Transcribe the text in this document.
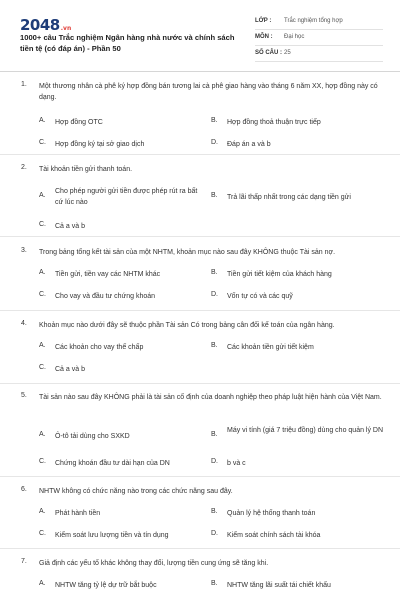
2048 .vn
1000+ câu Trắc nghiệm Ngân hàng nhà nước và chính sách tiền tệ (có đáp án) - Phần 50
LỚP : Trắc nghiệm tổng hợp
MÔN : Đại học
SỐ CÂU : 25
1. Một thương nhân cà phê ký hợp đồng bán tương lai cà phê giao hàng vào tháng 6 năm XX, hợp đồng này có dạng.
A. Hợp đồng OTC	B. Hợp đồng thoả thuận trực tiếp
C. Hợp đồng ký tại sở giao dịch	D. Đáp án a và b
2. Tài khoản tiền gửi thanh toán.
A.
Cho phép người gửi tiền được phép rút ra bất cứ lúc nào
B. Trả lãi thấp nhất trong các dạng tiền gửi
C. Cả a và b
3. Trong bảng tổng kết tài sản của một NHTM, khoản mục nào sau đây KHÔNG thuộc Tài sản nợ.
A. Tiền gửi, tiền vay các NHTM khác	B. Tiền gửi tiết kiệm của khách hàng
C. Cho vay và đầu tư chứng khoán	D. Vốn tự có và các quỹ
4. Khoản mục nào dưới đây sẽ thuộc phần Tài sản Có trong bảng cân đối kế toán của ngân hàng.
A. Các khoản cho vay thế chấp	B. Các khoản tiền gửi tiết kiệm
C. Cả a và b
5. Tài sản nào sau đây KHÔNG phải là tài sản cố định của doanh nghiệp theo pháp luật hiện hành của Việt Nam.
A. Ô-tô tải dùng cho SXKD	B.
Máy vi tính (giá 7 triệu đồng) dùng cho quản lý DN
C. Chứng khoán đầu tư dài hạn của DN	D. b và c
6. NHTW không có chức năng nào trong các chức năng sau đây.
A. Phát hành tiền	B. Quản lý hệ thống thanh toán
C. Kiểm soát lưu lượng tiền và tín dụng	D. Kiểm soát chính sách tài khóa
7. Giả định các yếu tố khác không thay đổi, lượng tiền cung ứng sẽ tăng khi.
A. NHTW tăng tỷ lệ dự trữ bắt buộc	B. NHTW tăng lãi suất tái chiết khấu
